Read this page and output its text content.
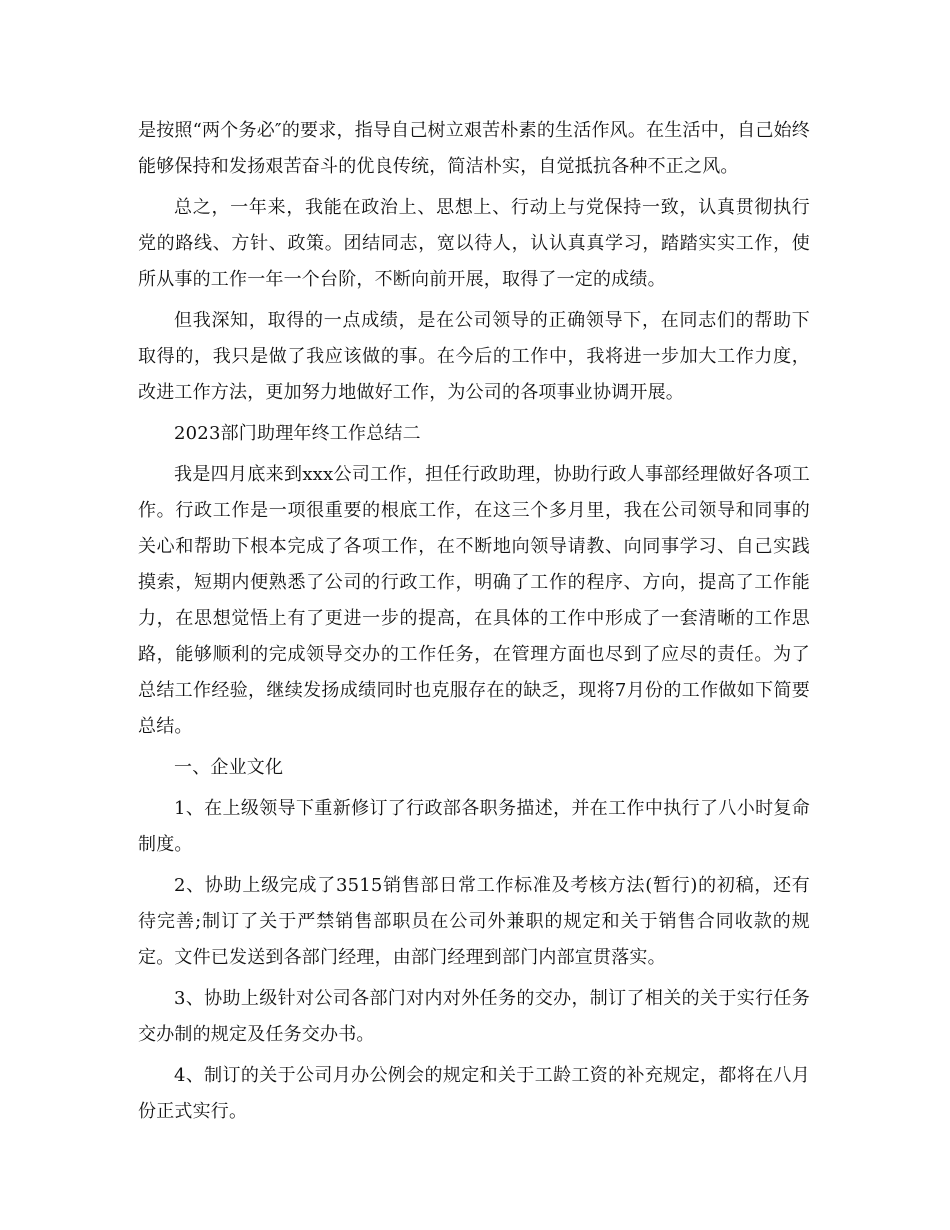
是按照“两个务必″的要求，指导自己树立艰苦朴素的生活作风。在生活中，自己始终能够保持和发扬艰苦奋斗的优良传统，简洁朴实，自觉抵抗各种不正之风。

总之，一年来，我能在政治上、思想上、行动上与党保持一致，认真贯彻执行党的路线、方针、政策。团结同志，宽以待人，认认真真学习，踏踏实实工作，使所从事的工作一年一个台阶，不断向前开展，取得了一定的成绩。

但我深知，取得的一点成绩，是在公司领导的正确领导下，在同志们的帮助下取得的，我只是做了我应该做的事。在今后的工作中，我将进一步加大工作力度，改进工作方法，更加努力地做好工作，为公司的各项事业协调开展。

2023部门助理年终工作总结二

我是四月底来到xxx公司工作，担任行政助理，协助行政人事部经理做好各项工作。行政工作是一项很重要的根底工作，在这三个多月里，我在公司领导和同事的关心和帮助下根本完成了各项工作，在不断地向领导请教、向同事学习、自己实践摸索，短期内便熟悉了公司的行政工作，明确了工作的程序、方向，提高了工作能力，在思想觉悟上有了更进一步的提高，在具体的工作中形成了一套清晰的工作思路，能够顺利的完成领导交办的工作任务，在管理方面也尽到了应尽的责任。为了总结工作经验，继续发扬成绩同时也克服存在的缺乏，现将7月份的工作做如下简要总结。

一、企业文化

1、在上级领导下重新修订了行政部各职务描述，并在工作中执行了八小时复命制度。

2、协助上级完成了3515销售部日常工作标准及考核方法(暂行)的初稿，还有待完善;制订了关于严禁销售部职员在公司外兼职的规定和关于销售合同收款的规定。文件已发送到各部门经理，由部门经理到部门内部宣贯落实。

3、协助上级针对公司各部门对内对外任务的交办，制订了相关的关于实行任务交办制的规定及任务交办书。

4、制订的关于公司月办公例会的规定和关于工龄工资的补充规定，都将在八月份正式实行。
